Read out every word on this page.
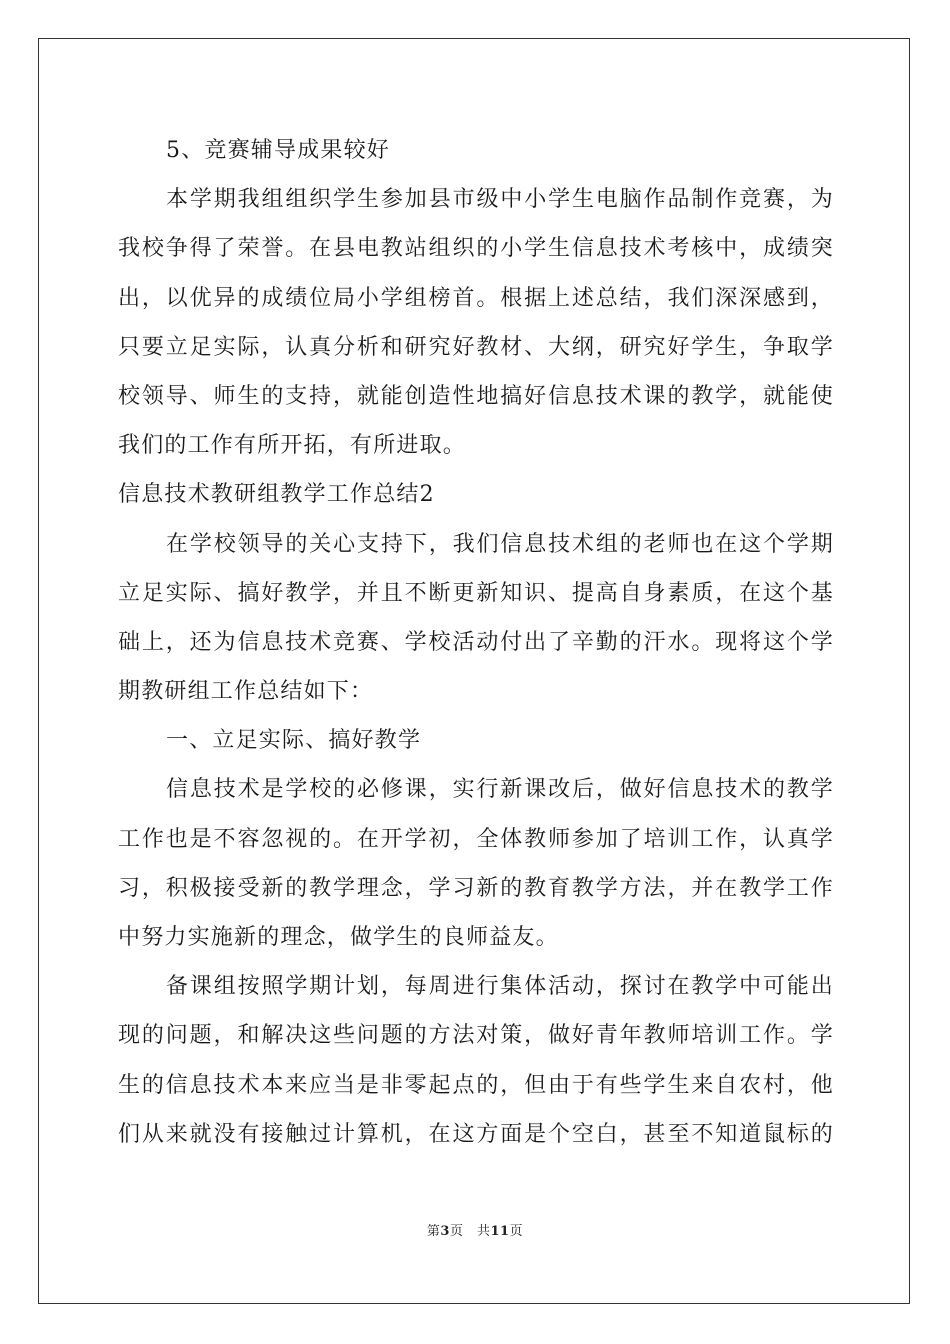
5、竞赛辅导成果较好
本学期我组组织学生参加县市级中小学生电脑作品制作竞赛，为
我校争得了荣誉。在县电教站组织的小学生信息技术考核中，成绩突
出，以优异的成绩位局小学组榜首。根据上述总结，我们深深感到，
只要立足实际，认真分析和研究好教材、大纲，研究好学生，争取学
校领导、师生的支持，就能创造性地搞好信息技术课的教学，就能使
我们的工作有所开拓，有所进取。
信息技术教研组教学工作总结2
在学校领导的关心支持下，我们信息技术组的老师也在这个学期
立足实际、搞好教学，并且不断更新知识、提高自身素质，在这个基
础上，还为信息技术竞赛、学校活动付出了辛勤的汗水。现将这个学
期教研组工作总结如下：
一、立足实际、搞好教学
信息技术是学校的必修课，实行新课改后，做好信息技术的教学
工作也是不容忽视的。在开学初，全体教师参加了培训工作，认真学
习，积极接受新的教学理念，学习新的教育教学方法，并在教学工作
中努力实施新的理念，做学生的良师益友。
备课组按照学期计划，每周进行集体活动，探讨在教学中可能出
现的问题，和解决这些问题的方法对策，做好青年教师培训工作。学
生的信息技术本来应当是非零起点的，但由于有些学生来自农村，他
们从来就没有接触过计算机，在这方面是个空白，甚至不知道鼠标的
第3页　共11页
